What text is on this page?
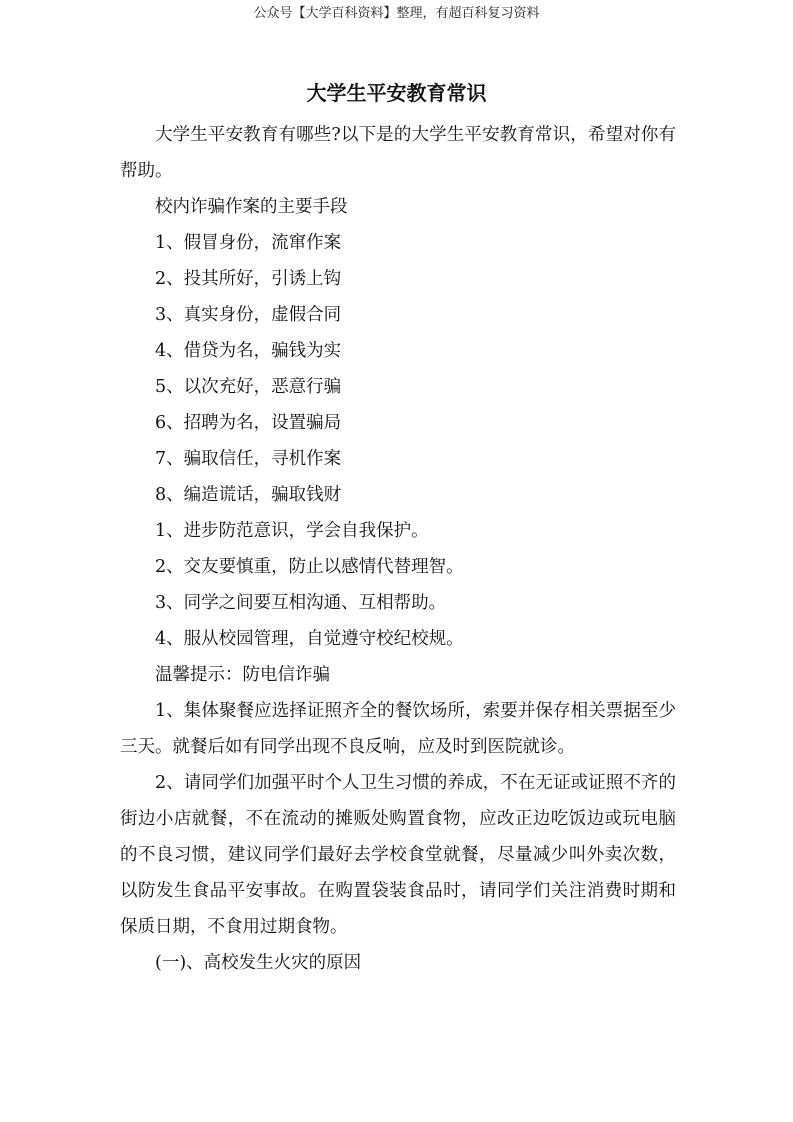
公众号【大学百科资料】整理，有超百科复习资料
大学生平安教育常识

大学生平安教育有哪些?以下是的大学生平安教育常识，希望对你有帮助。

校内诈骗作案的主要手段

1、假冒身份，流窜作案

2、投其所好，引诱上钩

3、真实身份，虚假合同

4、借贷为名，骗钱为实

5、以次充好，恶意行骗

6、招聘为名，设置骗局

7、骗取信任，寻机作案

8、编造谎话，骗取钱财

1、进步防范意识，学会自我保护。

2、交友要慎重，防止以感情代替理智。

3、同学之间要互相沟通、互相帮助。

4、服从校园管理，自觉遵守校纪校规。

温馨提示：防电信诈骗

1、集体聚餐应选择证照齐全的餐饮场所，索要并保存相关票据至少三天。就餐后如有同学出现不良反响，应及时到医院就诊。

2、请同学们加强平时个人卫生习惯的养成，不在无证或证照不齐的街边小店就餐，不在流动的摊贩处购置食物，应改正边吃饭边或玩电脑的不良习惯，建议同学们最好去学校食堂就餐，尽量减少叫外卖次数，以防发生食品平安事故。在购置袋装食品时，请同学们关注消费时期和保质日期，不食用过期食物。

(一)、高校发生火灾的原因
